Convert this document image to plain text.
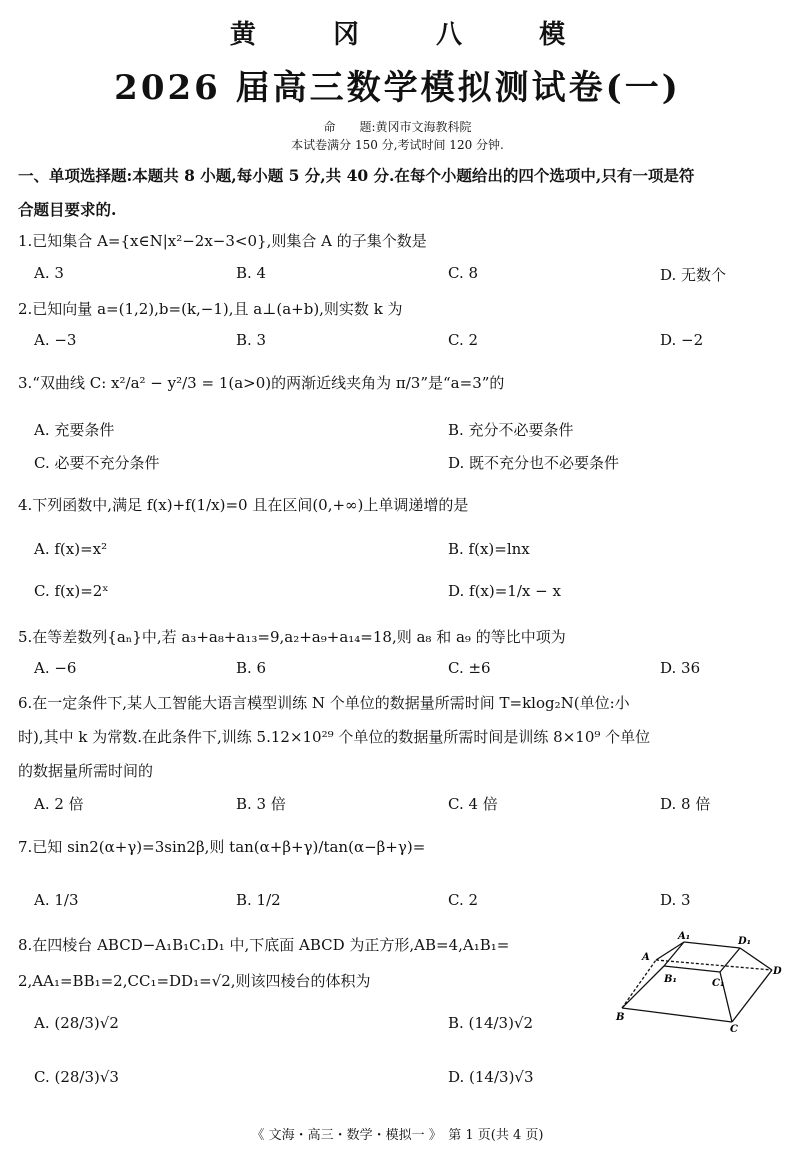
黄 冈 八 模
2026 届高三数学模拟测试卷(一)
命　　题:黄冈市文海教科院
本试卷满分 150 分,考试时间 120 分钟.
一、单项选择题:本题共 8 小题,每小题 5 分,共 40 分.在每个小题给出的四个选项中,只有一项是符
合题目要求的.
1.已知集合 A={x∈N|x²−2x−3<0},则集合 A 的子集个数是
A. 3	B. 4	C. 8	D. 无数个
2.已知向量 a=(1,2),b=(k,−1),且 a⊥(a+b),则实数 k 为
A. −3	B. 3	C. 2	D. −2
3.“双曲线 C: x²/a² − y²/3 = 1(a>0)的两渐近线夹角为 π/3”是“a=3”的
A. 充要条件	B. 充分不必要条件
C. 必要不充分条件	D. 既不充分也不必要条件
4.下列函数中,满足 f(x)+f(1/x)=0 且在区间(0,+∞)上单调递增的是
A. f(x)=x²	B. f(x)=lnx
C. f(x)=2ˣ	D. f(x)=1/x − x
5.在等差数列{aₙ}中,若 a₃+a₈+a₁₃=9,a₂+a₉+a₁₄=18,则 a₈ 和 a₉ 的等比中项为
A. −6	B. 6	C. ±6	D. 36
6.在一定条件下,某人工智能大语言模型训练 N 个单位的数据量所需时间 T=klog₂N(单位:小
时),其中 k 为常数.在此条件下,训练 5.12×10²⁹ 个单位的数据量所需时间是训练 8×10⁹ 个单位
的数据量所需时间的
A. 2 倍	B. 3 倍	C. 4 倍	D. 8 倍
7.已知 sin2(α+γ)=3sin2β,则 tan(α+β+γ)/tan(α−β+γ)=
A. 1/3	B. 1/2	C. 2	D. 3
8.在四棱台 ABCD−A₁B₁C₁D₁ 中,下底面 ABCD 为正方形,AB=4,A₁B₁=
2,AA₁=BB₁=2,CC₁=DD₁=√2,则该四棱台的体积为
A. (28/3)√2	B. (14/3)√2
C. (28/3)√3	D. (14/3)√3
A
A₁	D₁
B₁	C₁
D
B
C
《 文海・高三・数学・模拟一 》　第 1 页(共 4 页)
